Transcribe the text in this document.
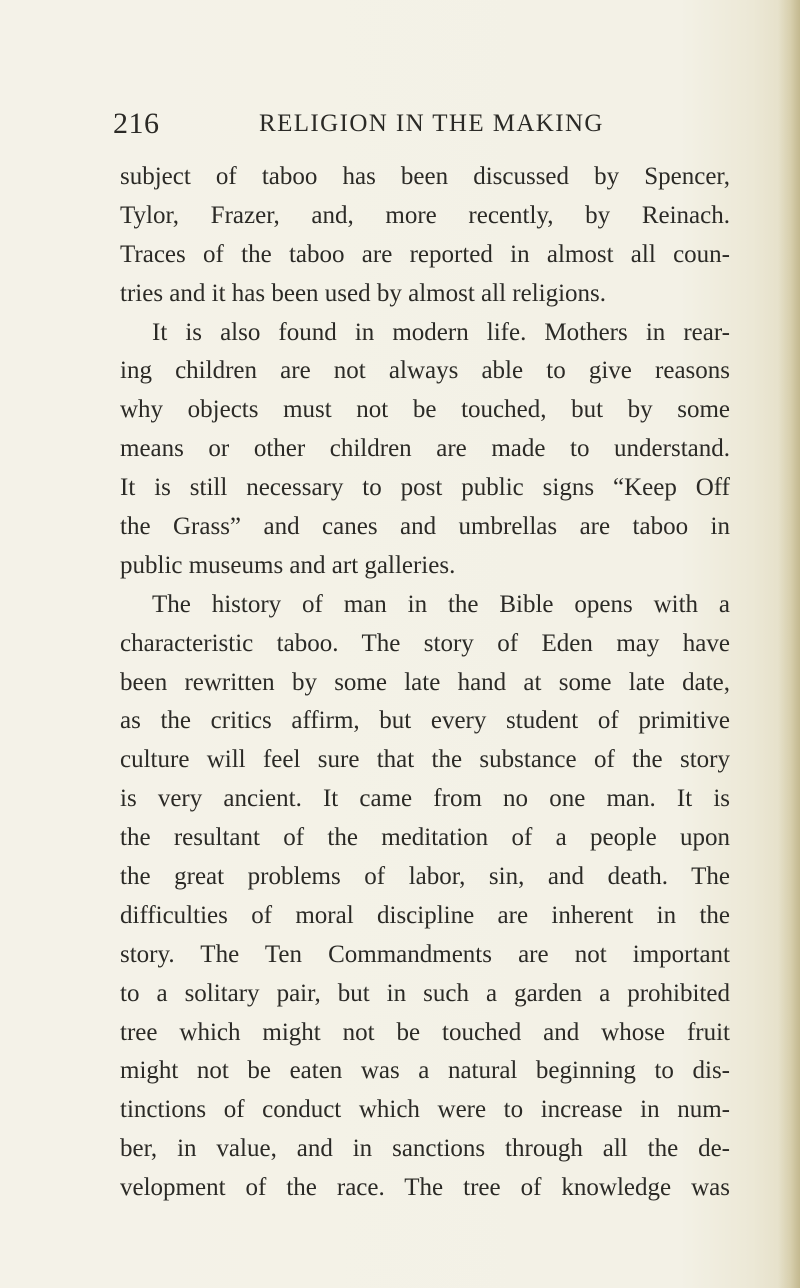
216	RELIGION IN THE MAKING
subject of taboo has been discussed by Spencer,
Tylor, Frazer, and, more recently, by Reinach.
Traces of the taboo are reported in almost all coun-
tries and it has been used by almost all religions.
It is also found in modern life. Mothers in rear-
ing children are not always able to give reasons
why objects must not be touched, but by some
means or other children are made to understand.
It is still necessary to post public signs “Keep Off
the Grass” and canes and umbrellas are taboo in
public museums and art galleries.
The history of man in the Bible opens with a
characteristic taboo. The story of Eden may have
been rewritten by some late hand at some late date,
as the critics affirm, but every student of primitive
culture will feel sure that the substance of the story
is very ancient. It came from no one man. It is
the resultant of the meditation of a people upon
the great problems of labor, sin, and death. The
difficulties of moral discipline are inherent in the
story. The Ten Commandments are not important
to a solitary pair, but in such a garden a prohibited
tree which might not be touched and whose fruit
might not be eaten was a natural beginning to dis-
tinctions of conduct which were to increase in num-
ber, in value, and in sanctions through all the de-
velopment of the race. The tree of knowledge was
